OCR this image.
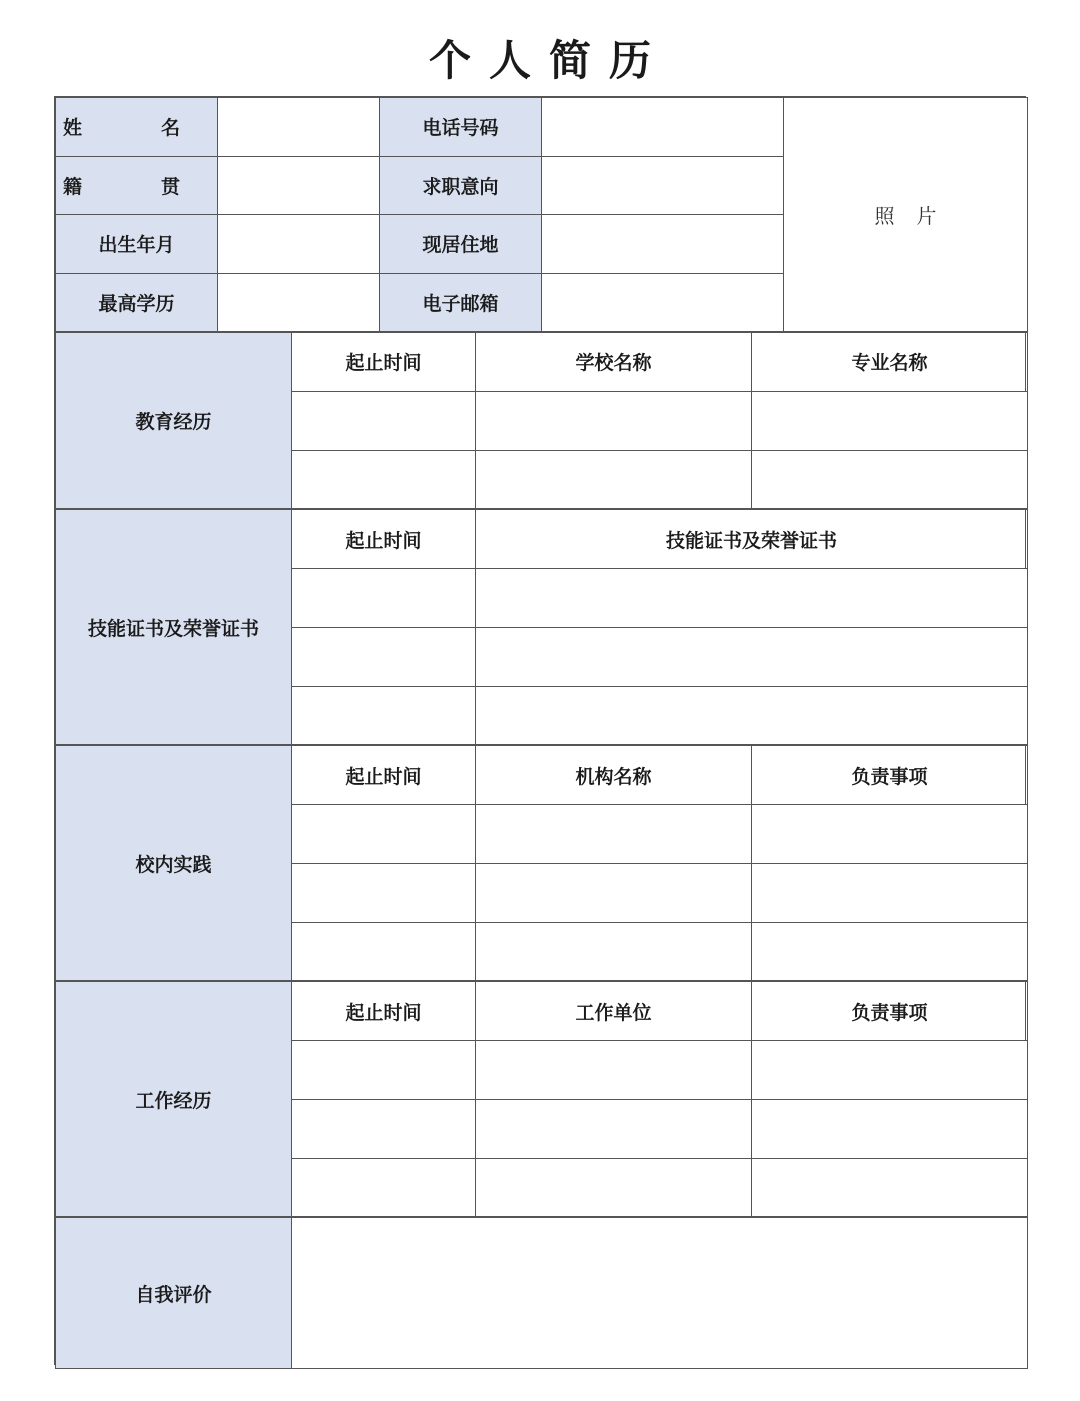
个人简历
姓　名		电话号码		照片
籍　贯		求职意向		
出生年月		现居住地		
最高学历		电子邮箱		
教育经历	起止时间	学校名称	专业名称

技能证书及荣誉证书	起止时间	技能证书及荣誉证书

校内实践	起止时间	机构名称	负责事项

工作经历	起止时间	工作单位	负责事项

自我评价	
